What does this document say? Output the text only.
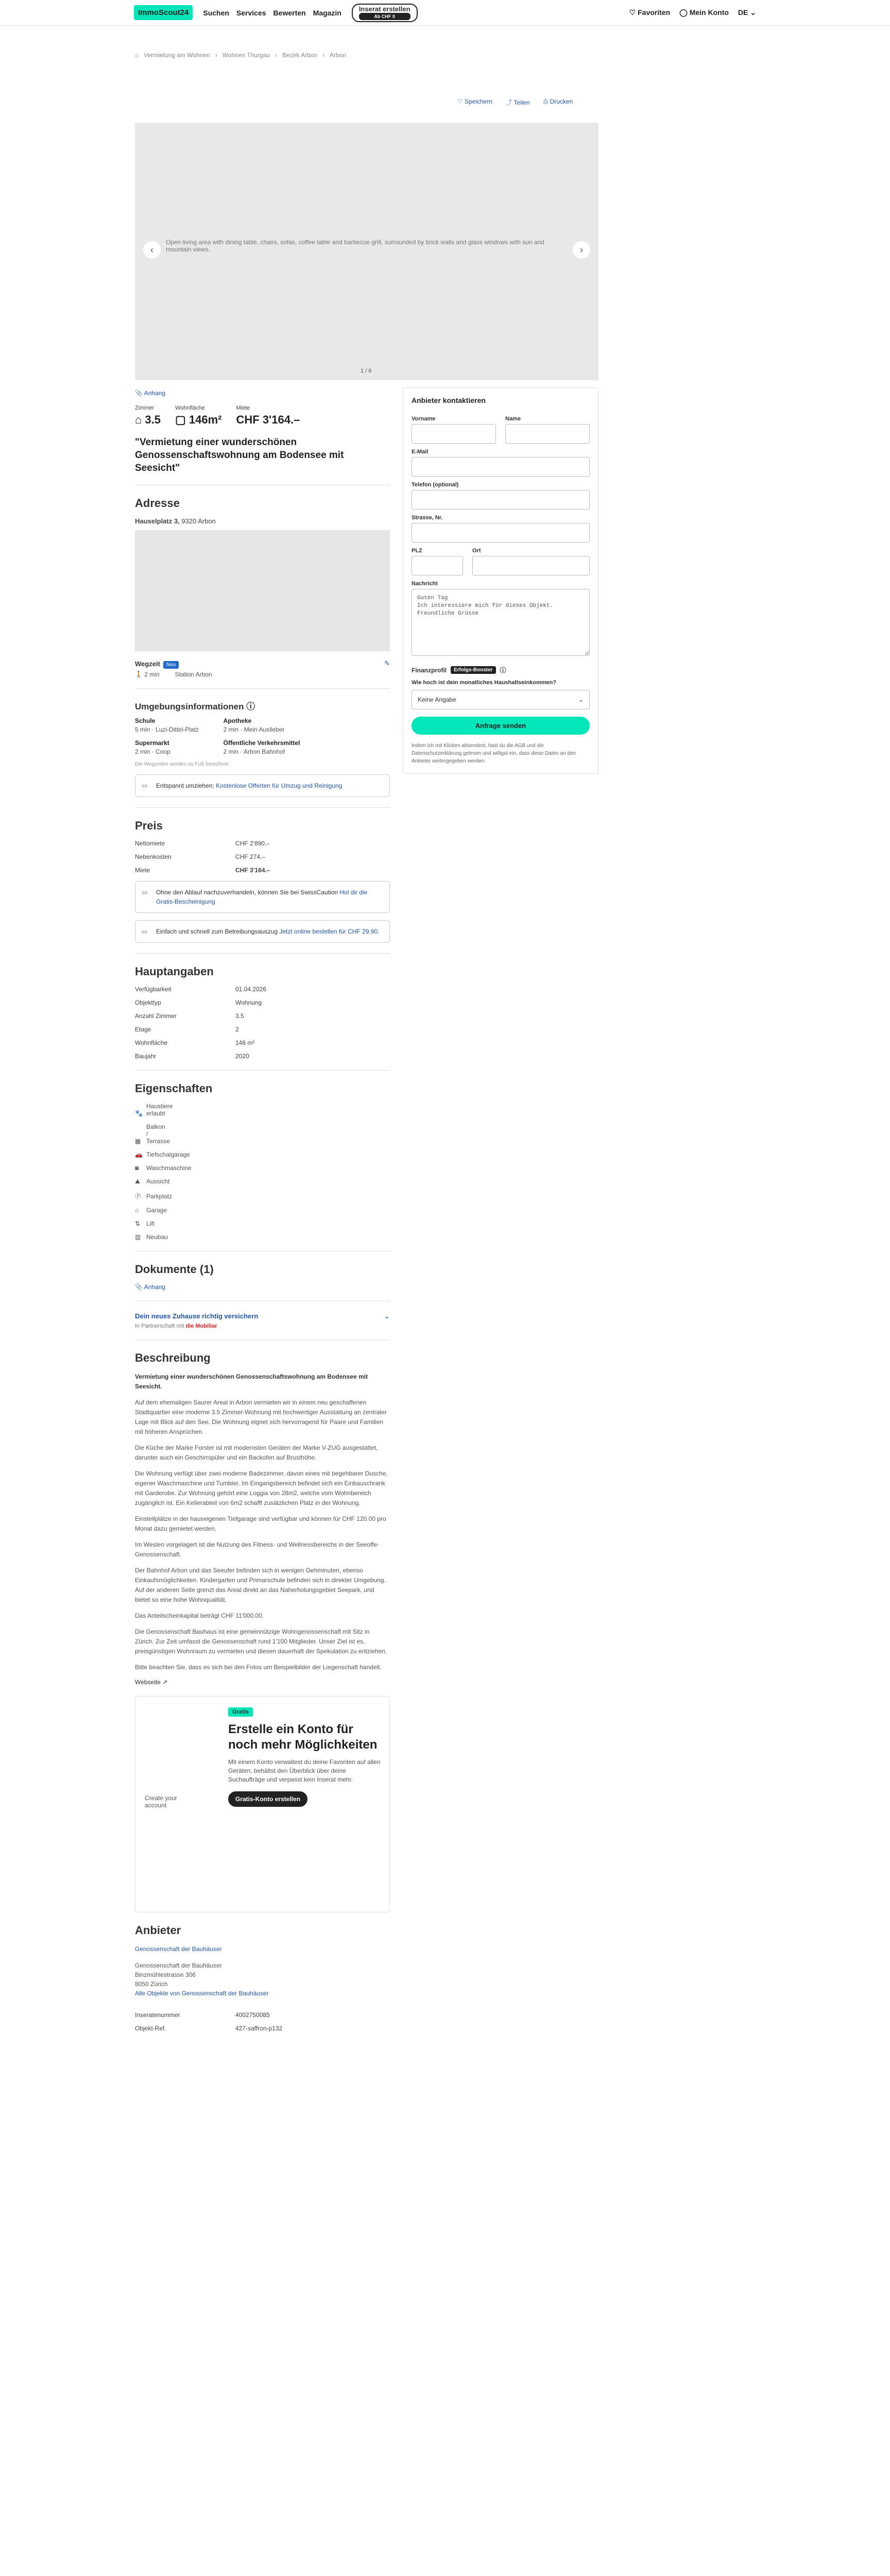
ImmoScout24	Suchen Services Bewerten Magazin	Inserat erstellen
Ab CHF 0	♡ Favoriten ◯ Mein Konto DE ⌄
⌂ Vermietung am Wohnen › Wohnen Thurgau › Bezirk Arbon › Arbon
♡ Speichern ⤴ Teilen ⎙ Drucken
‹
Open living area with dining table, chairs, sofas, coffee table and barbecue grill, surrounded by brick walls and glass windows with sun and mountain views.	›
1 / 6
📎 Anhang
Zimmer
⌂ 3.5
Wohnfläche
▢ 146m²
Miete
CHF 3'164.–
"Vermietung einer wunderschönen Genossenschaftswohnung am Bodensee mit Seesicht"
Adresse
Hauselplatz 3, 9320 Arbon
Wegzeit Neu	✎
🚶 2 min	Station Arbon
Umgebungsinformationen ⓘ
Schule
5 min · Luzi-Dittel-Platz
Apotheke
2 min · Mein Auslleber
Supermarkt
2 min · Coop
Öffentliche Verkehrsmittel
2 min · Arbon Bahnhof
Die Wegzeiten werden zu Fuß berechnet
▭ Entspannt umziehen: Kostenlose Offerten für Umzug und Reinigung
Preis
Nettomiete	CHF 2'890.–
Nebenkosten	CHF 274.–
Miete	CHF 3'164.–
▭ Ohne den Ablauf nachzuverhandeln, können Sie bei SwissCaution Hol dir die Gratis-Bescheinigung
▭ Einfach und schnell zum Betreibungsauszug Jetzt online bestellen für CHF 29.90.
Hauptangaben
Verfügbarkeit	01.04.2026
Objekttyp	Wohnung
Anzahl Zimmer	3.5
Etage	2
Wohnfläche	146 m²
Baujahr	2020
Eigenschaften
🐾Haustiere erlaubt
▦Balkon / Terrasse
🚗 Tiefschalgarage
◙ Waschmaschine
⛰ Aussicht
Ⓟ Parkplatz
⌂ Garage
⇅ Lift
▥ Neubau
Dokumente (1)
📎 Anhang
Dein neues Zuhause richtig versichern
In Partnerschaft mit die Mobiliar
⌄
Beschreibung

Vermietung einer wunderschönen Genossenschaftswohnung am Bodensee mit Seesicht.

Auf dem ehemaligen Saurer Areal in Arbon vermieten wir in einem neu geschaffenen Stadtquartier eine moderne 3.5 Zimmer-Wohnung mit hochwertiger Ausstattung an zentraler Lage mit Blick auf den See. Die Wohnung eignet sich hervorragend für Paare und Familien mit höheren Ansprüchen.

Die Küche der Marke Forster ist mit modernsten Geräten der Marke V-ZUG ausgestattet, darunter auch ein Geschirrspüler und ein Backofen auf Brusthöhe.

Die Wohnung verfügt über zwei moderne Badezimmer, davon eines mit begehbarer Dusche, eigener Waschmaschine und Tumbler. Im Eingangsbereich befindet sich ein Einbauschrank mit Garderobe. Zur Wohnung gehört eine Loggia von 28m2, welche vom Wohnbereich zugänglich ist. Ein Kellerabteil von 6m2 schafft zusätzlichen Platz in der Wohnung.

Einstellplätze in der hauseigenen Tiefgarage sind verfügbar und können für CHF 120.00 pro Monat dazu gemietet werden.

Im Westen vorgelagert ist die Nutzung des Fitness- und Wellnessbereichs in der Seeoffe-Genossenschaft.

Der Bahnhof Arbon und das Seeufer befinden sich in wenigen Gehminuten, ebenso Einkaufsmöglichkeiten. Kindergarten und Primarschule befinden sich in direkter Umgebung. Auf der anderen Seite grenzt das Areal direkt an das Naherholungsgebiet Seepark, und bietet so eine hohe Wohnqualität.

Das Anteilscheinkapital beträgt CHF 11'000.00.

Die Genossenschaft Bauhaus ist eine gemeinnützige Wohngenossenschaft mit Sitz in Zürich. Zur Zeit umfasst die Genossenschaft rund 1'100 Mitglieder. Unser Ziel ist es, preisgünstigen Wohnraum zu vermieten und diesen dauerhaft der Spekulation zu entziehen.

Bitte beachten Sie, dass es sich bei den Fotos um Beispielbilder der Liegenschaft handelt.

Webseite ↗
Create your account
Gratis
Erstelle ein Konto für noch mehr Möglichkeiten

Mit einem Konto verwaltest du deine Favoriten auf allen Geräten, behältst den Überblick über deine Suchaufträge und verpasst kein Inserat mehr.

Gratis-Konto erstellen
Anbieter
Genossenschaft der Bauhäuser
Genossenschaft der Bauhäuser
Binzmühlestrasse 306
8050 Zürich
Alle Objekte von Genossenschaft der Bauhäuser
Inseratenummer	4002750085
Objekt-Ref.	427-saffron-p132
Anbieter kontaktieren
Vorname	Name
E-Mail
Telefon (optional)
Strasse, Nr.
PLZ	Ort
Nachricht
Guten Tag Ich interessiere mich für dieses Objekt. Freundliche Grüsse
Finanzprofil	Erfolgs-Booster	ⓘ
Wie hoch ist dein monatliches Haushaltseinkommen?
Keine Angabe	⌄
Anfrage senden
Indem ich mit Klicken absendest, hast du die AGB und die Datenschutzerklärung gelesen und willigst ein, dass diese Daten an den Anbieter weitergegeben werden.
